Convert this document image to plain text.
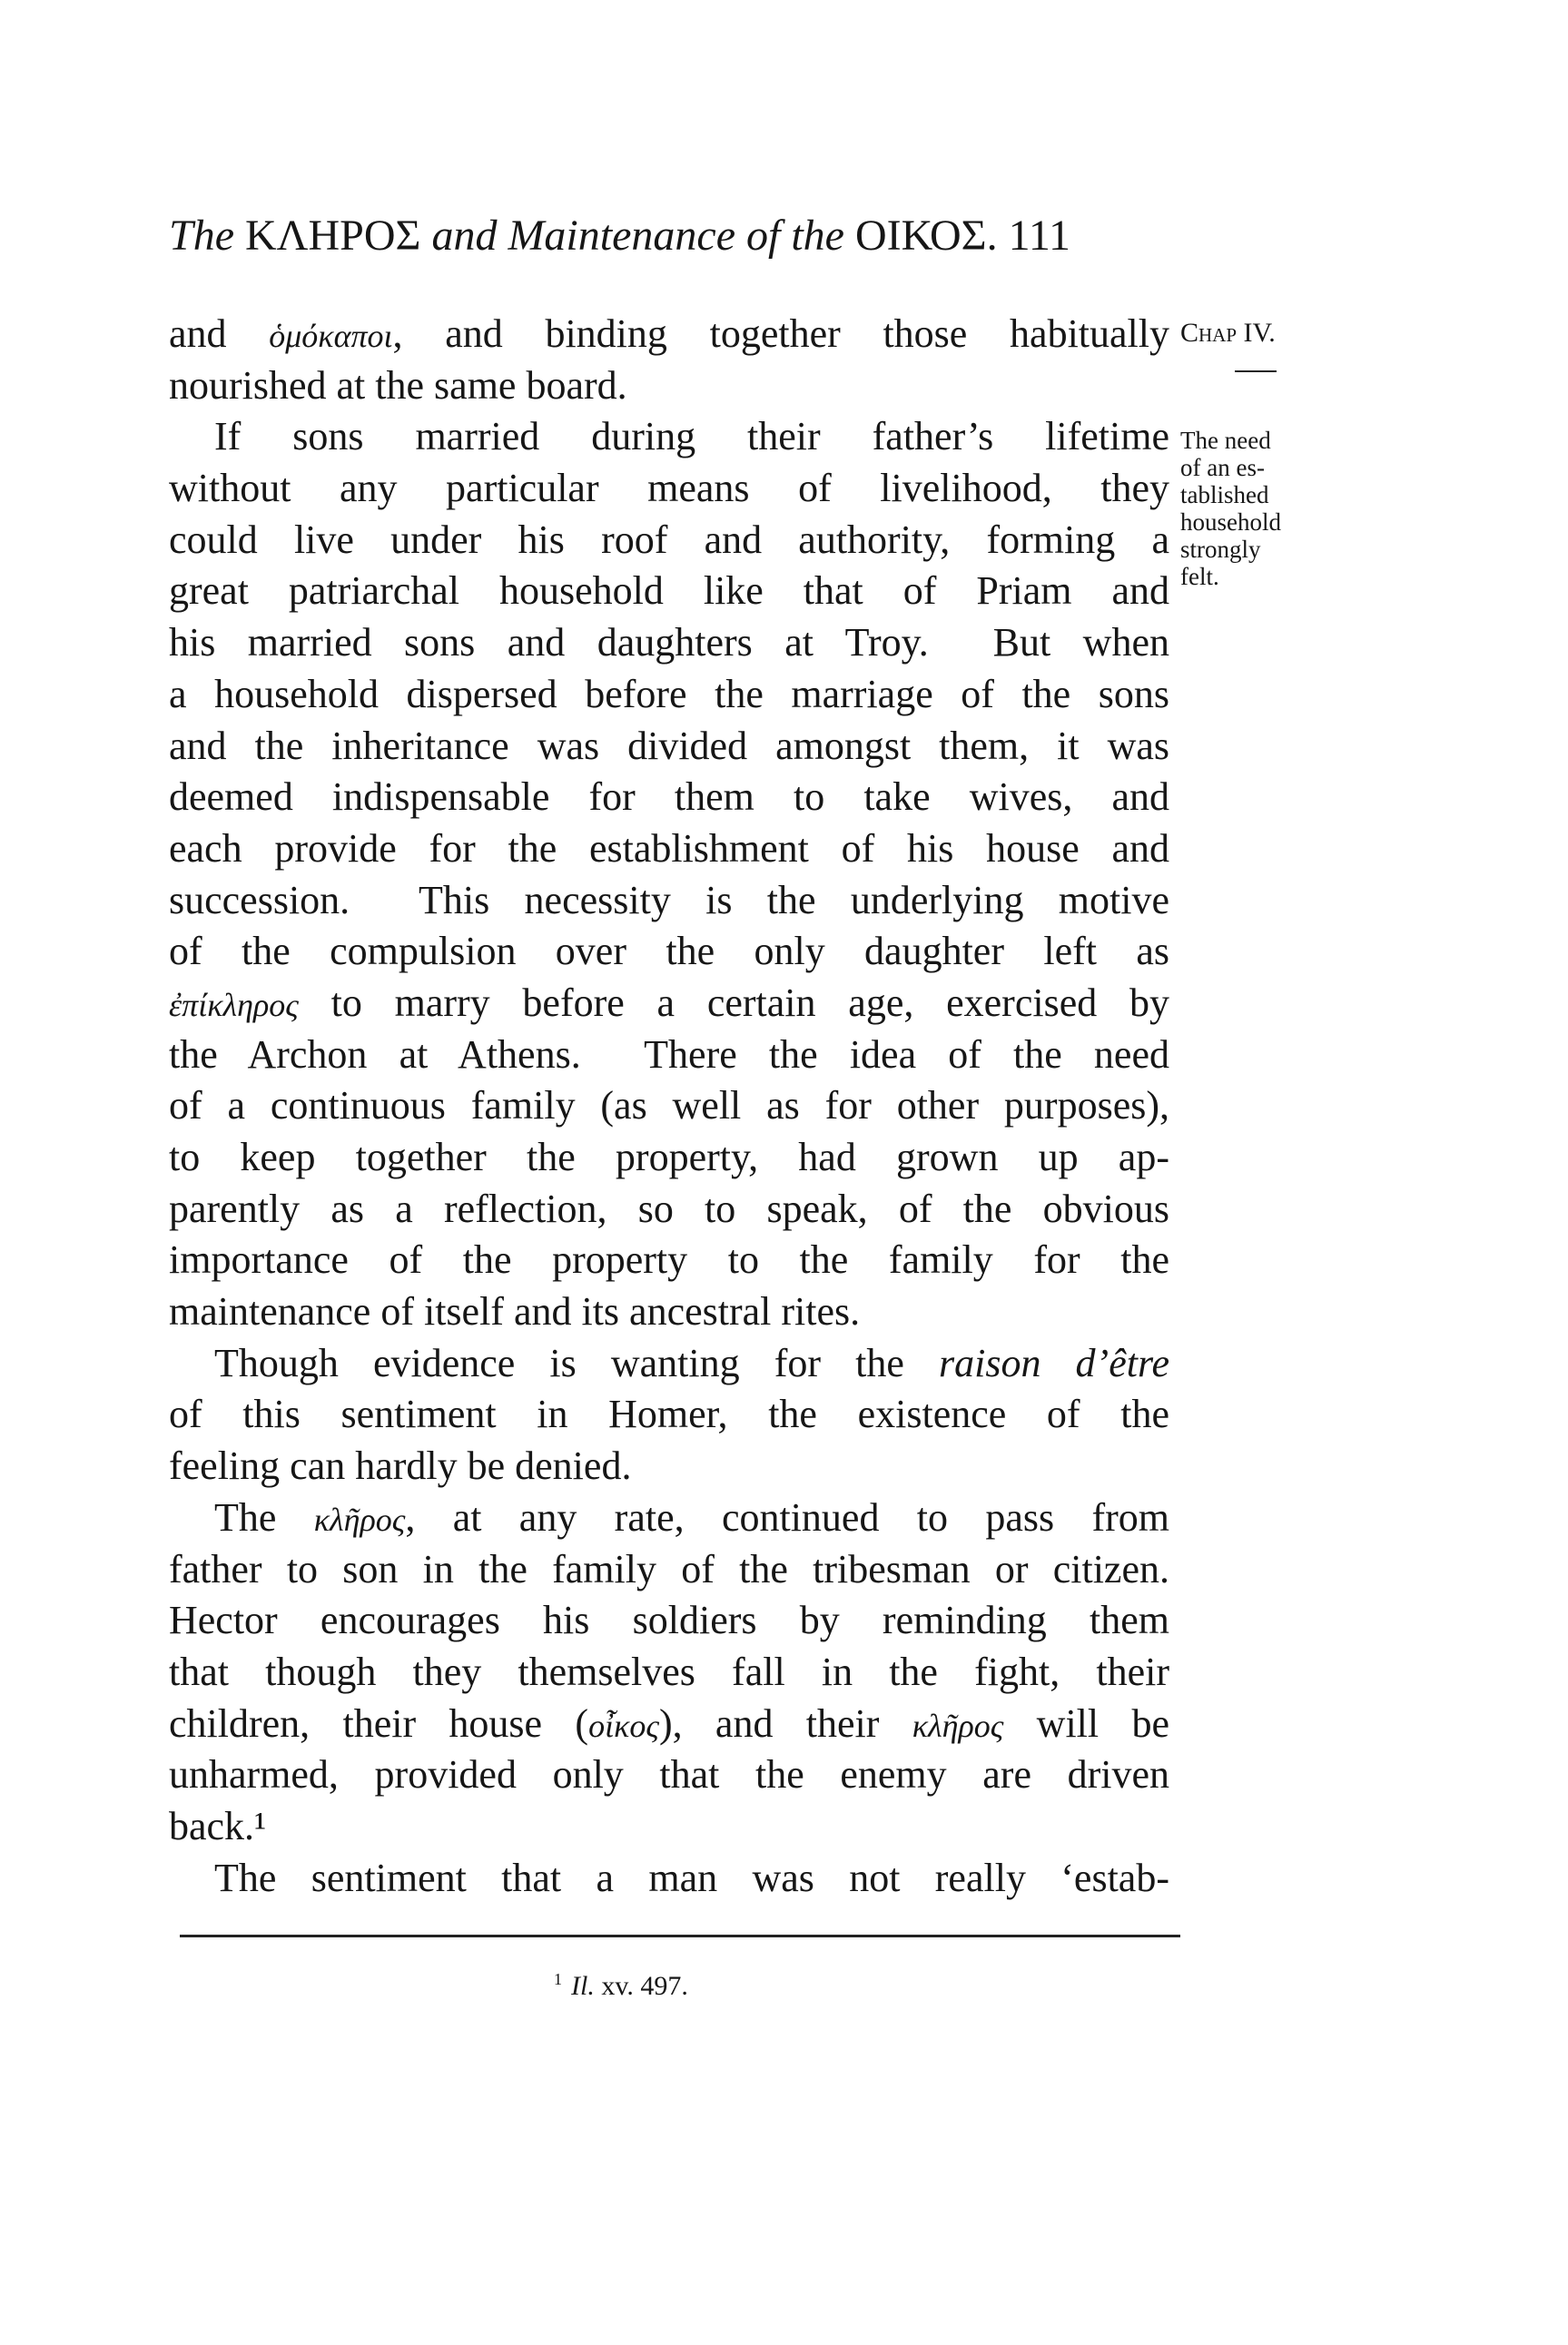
The ΚΛΗΡΟΣ and Maintenance of the ΟΙΚΟΣ. 111
Chap IV.
The need
of an es-
tablished
household
strongly
felt.
and ὁμόκαποι, and binding together those habitually
nourished at the same board.
If sons married during their father’s lifetime
without any particular means of livelihood, they
could live under his roof and authority, forming a
great patriarchal household like that of Priam and
his married sons and daughters at Troy.  But when
a household dispersed before the marriage of the sons
and the inheritance was divided amongst them, it was
deemed indispensable for them to take wives, and
each provide for the establishment of his house and
succession.  This necessity is the underlying motive
of the compulsion over the only daughter left as
ἐπίκληρος to marry before a certain age, exercised by
the Archon at Athens.  There the idea of the need
of a continuous family (as well as for other purposes),
to keep together the property, had grown up ap-
parently as a reflection, so to speak, of the obvious
importance of the property to the family for the
maintenance of itself and its ancestral rites.
Though evidence is wanting for the raison d’être
of this sentiment in Homer, the existence of the
feeling can hardly be denied.
The κλῆρος, at any rate, continued to pass from
father to son in the family of the tribesman or citizen.
Hector encourages his soldiers by reminding them
that though they themselves fall in the fight, their
children, their house (οἶκος), and their κλῆρος will be
unharmed, provided only that the enemy are driven
back.¹
The sentiment that a man was not really ‘estab-
$^1$ Il. xv. 497.
